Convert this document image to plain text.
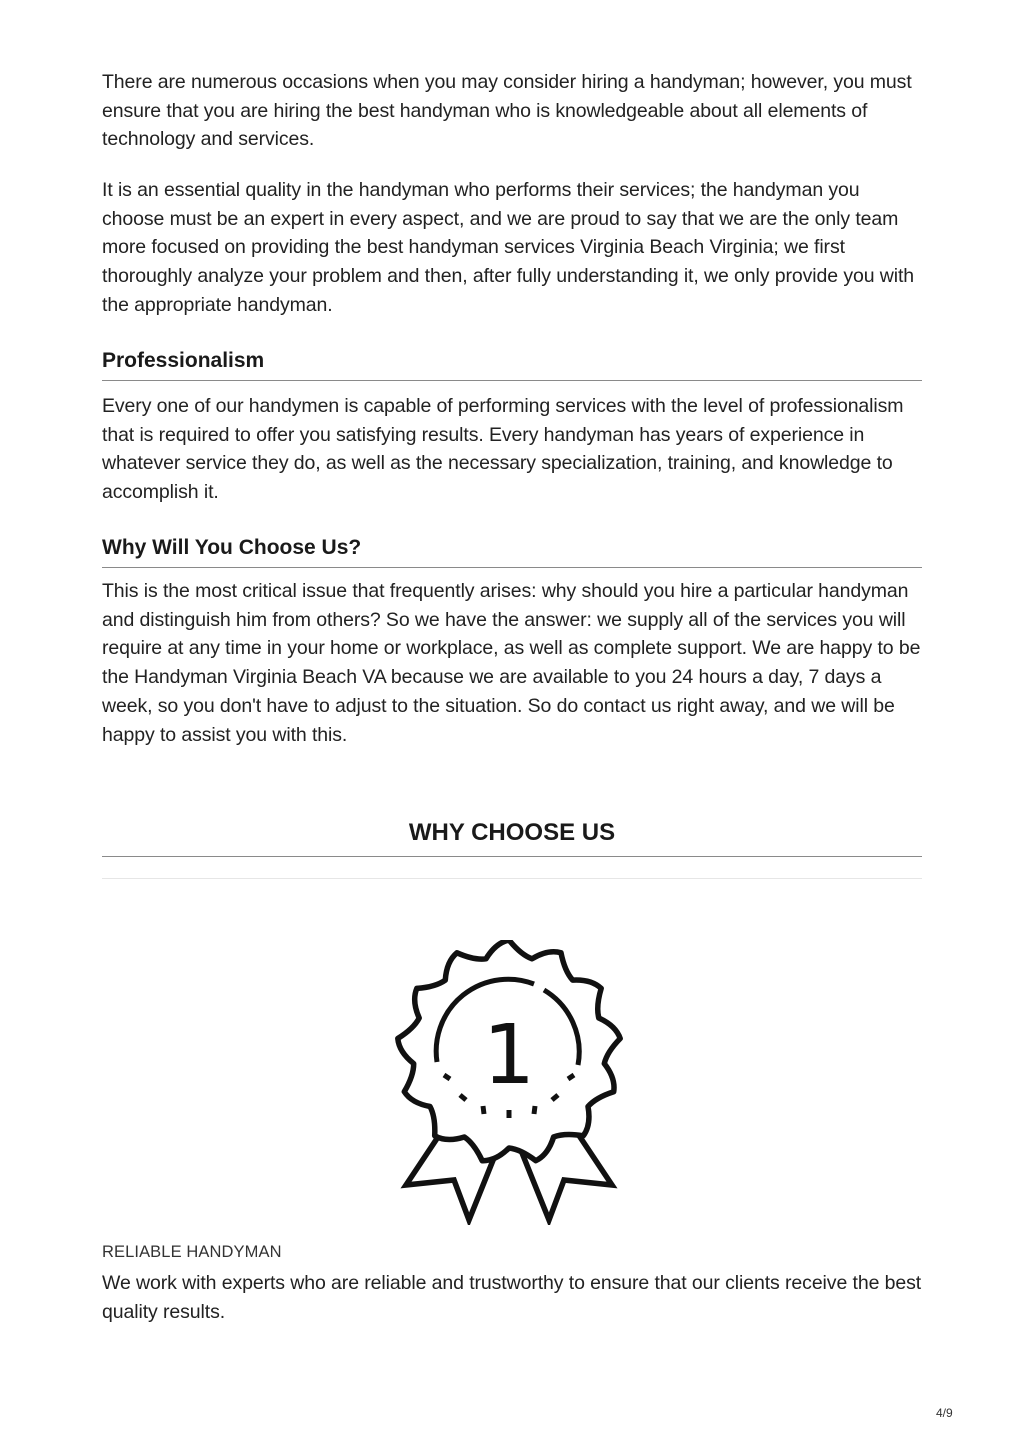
There are numerous occasions when you may consider hiring a handyman; however, you must ensure that you are hiring the best handyman who is knowledgeable about all elements of technology and services.

It is an essential quality in the handyman who performs their services; the handyman you choose must be an expert in every aspect, and we are proud to say that we are the only team more focused on providing the best handyman services Virginia Beach Virginia; we first thoroughly analyze your problem and then, after fully understanding it, we only provide you with the appropriate handyman.

Professionalism

Every one of our handymen is capable of performing services with the level of professionalism that is required to offer you satisfying results. Every handyman has years of experience in whatever service they do, as well as the necessary specialization, training, and knowledge to accomplish it.

Why Will You Choose Us?

This is the most critical issue that frequently arises: why should you hire a particular handyman and distinguish him from others? So we have the answer: we supply all of the services you will require at any time in your home or workplace, as well as complete support. We are happy to be the Handyman Virginia Beach VA because we are available to you 24 hours a day, 7 days a week, so you don't have to adjust to the situation. So do contact us right away, and we will be happy to assist you with this.

WHY CHOOSE US
1

RELIABLE HANDYMAN

We work with experts who are reliable and trustworthy to ensure that our clients receive the best quality results.

4/9
